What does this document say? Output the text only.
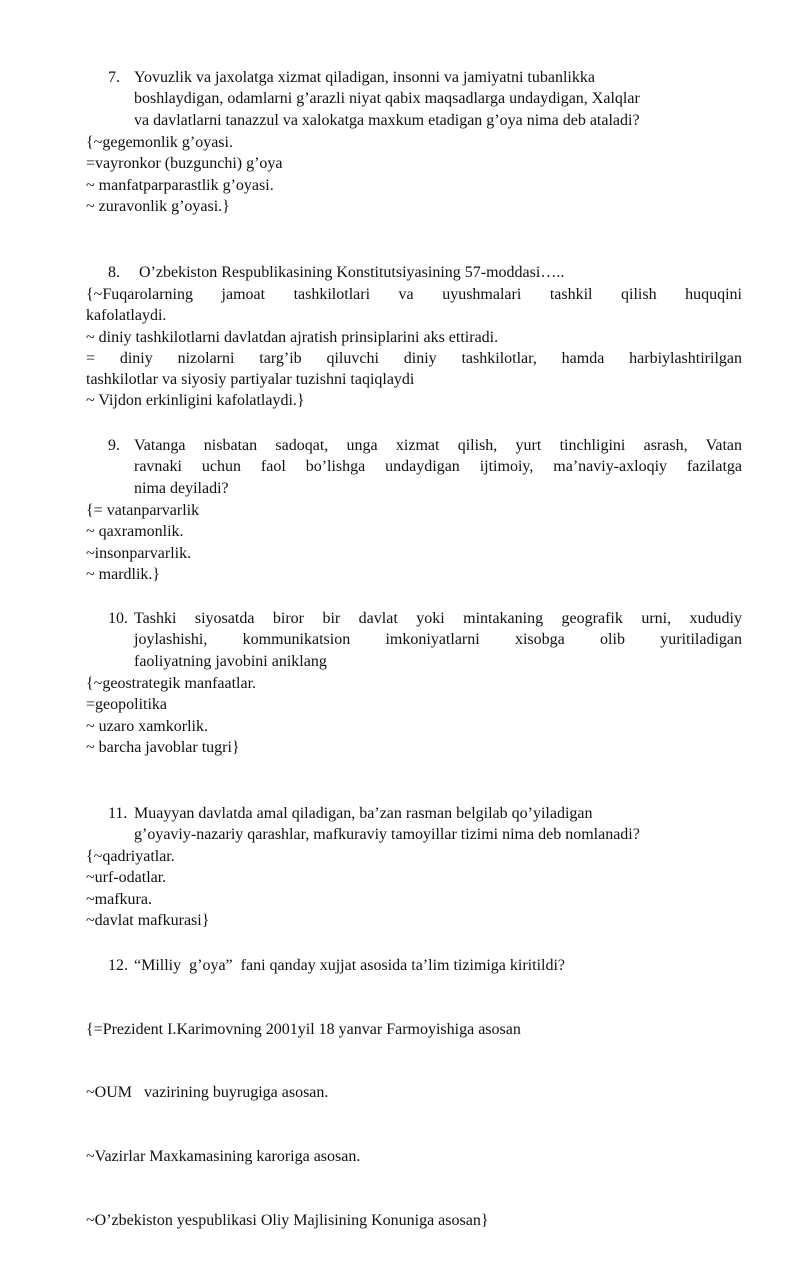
7. Yovuzlik va jaxolatga xizmat qiladigan, insonni va jamiyatni tubanlikka
boshlaydigan, odamlarni g’arazli niyat qabix maqsadlarga undaydigan, Xalqlar
va davlatlarni tanazzul va xalokatga maxkum etadigan g’oya nima deb ataladi?
{~gegemonlik g’oyasi.
=vayronkor (buzgunchi) g’oya
~ manfatparparastlik g’oyasi.
~ zuravonlik g’oyasi.}
8. O’zbekiston Respublikasining Konstitutsiyasining 57-moddasi…..
{~Fuqarolarning jamoat tashkilotlari va uyushmalari tashkil qilish huquqini
kafolatlaydi.
~ diniy tashkilotlarni davlatdan ajratish prinsiplarini aks ettiradi.
= diniy nizolarni targ’ib qiluvchi diniy tashkilotlar, hamda harbiylashtirilgan
tashkilotlar va siyosiy partiyalar tuzishni taqiqlaydi
~ Vijdon erkinligini kafolatlaydi.}
9. Vatanga nisbatan sadoqat, unga xizmat qilish, yurt tinchligini asrash, Vatan
ravnaki uchun faol bo’lishga undaydigan ijtimoiy, ma’naviy-axloqiy fazilatga
nima deyiladi?
{= vatanparvarlik
~ qaxramonlik.
~insonparvarlik.
~ mardlik.}
10. Tashki siyosatda biror bir davlat yoki mintakaning geografik urni, xududiy
joylashishi, kommunikatsion imkoniyatlarni xisobga olib yuritiladigan
faoliyatning javobini aniklang
{~geostrategik manfaatlar.
=geopolitika
~ uzaro xamkorlik.
~ barcha javoblar tugri}
11. Muayyan davlatda amal qiladigan, ba’zan rasman belgilab qo’yiladigan
g’oyaviy-nazariy qarashlar, mafkuraviy tamoyillar tizimi nima deb nomlanadi?
{~qadriyatlar.
~urf-odatlar.
~mafkura.
~davlat mafkurasi}
12. “Milliy  g’oya”  fani qanday xujjat asosida ta’lim tizimiga kiritildi?

{=Prezident I.Karimovning 2001yil 18 yanvar Farmoyishiga asosan

~OUM   vazirining buyrugiga asosan.

~Vazirlar Maxkamasining karoriga asosan.

~O’zbekiston yespublikasi Oliy Majlisining Konuniga asosan}
